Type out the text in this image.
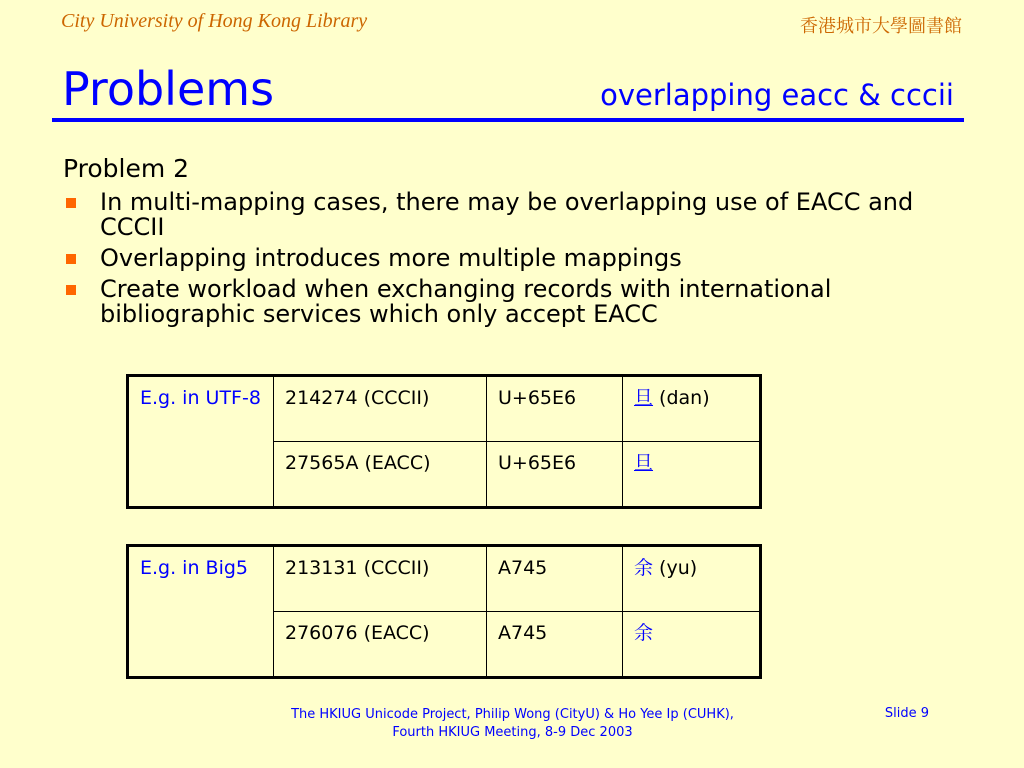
City University of Hong Kong Library	香港城市大學圖書館
Problems	overlapping eacc & cccii
Problem 2
In multi-mapping cases, there may be overlapping use of EACC and CCCII
Overlapping introduces more multiple mappings
Create workload when exchanging records with international bibliographic services which only accept EACC
E.g. in UTF-8	214274 (CCCII)	U+65E6	旦 (dan)
	27565A (EACC)	U+65E6	旦
E.g. in Big5	213131 (CCCII)	A745	余 (yu)
	276076 (EACC)	A745	余
The HKIUG Unicode Project, Philip Wong (CityU) & Ho Yee Ip (CUHK),
Fourth HKIUG Meeting, 8-9 Dec 2003
Slide 9
